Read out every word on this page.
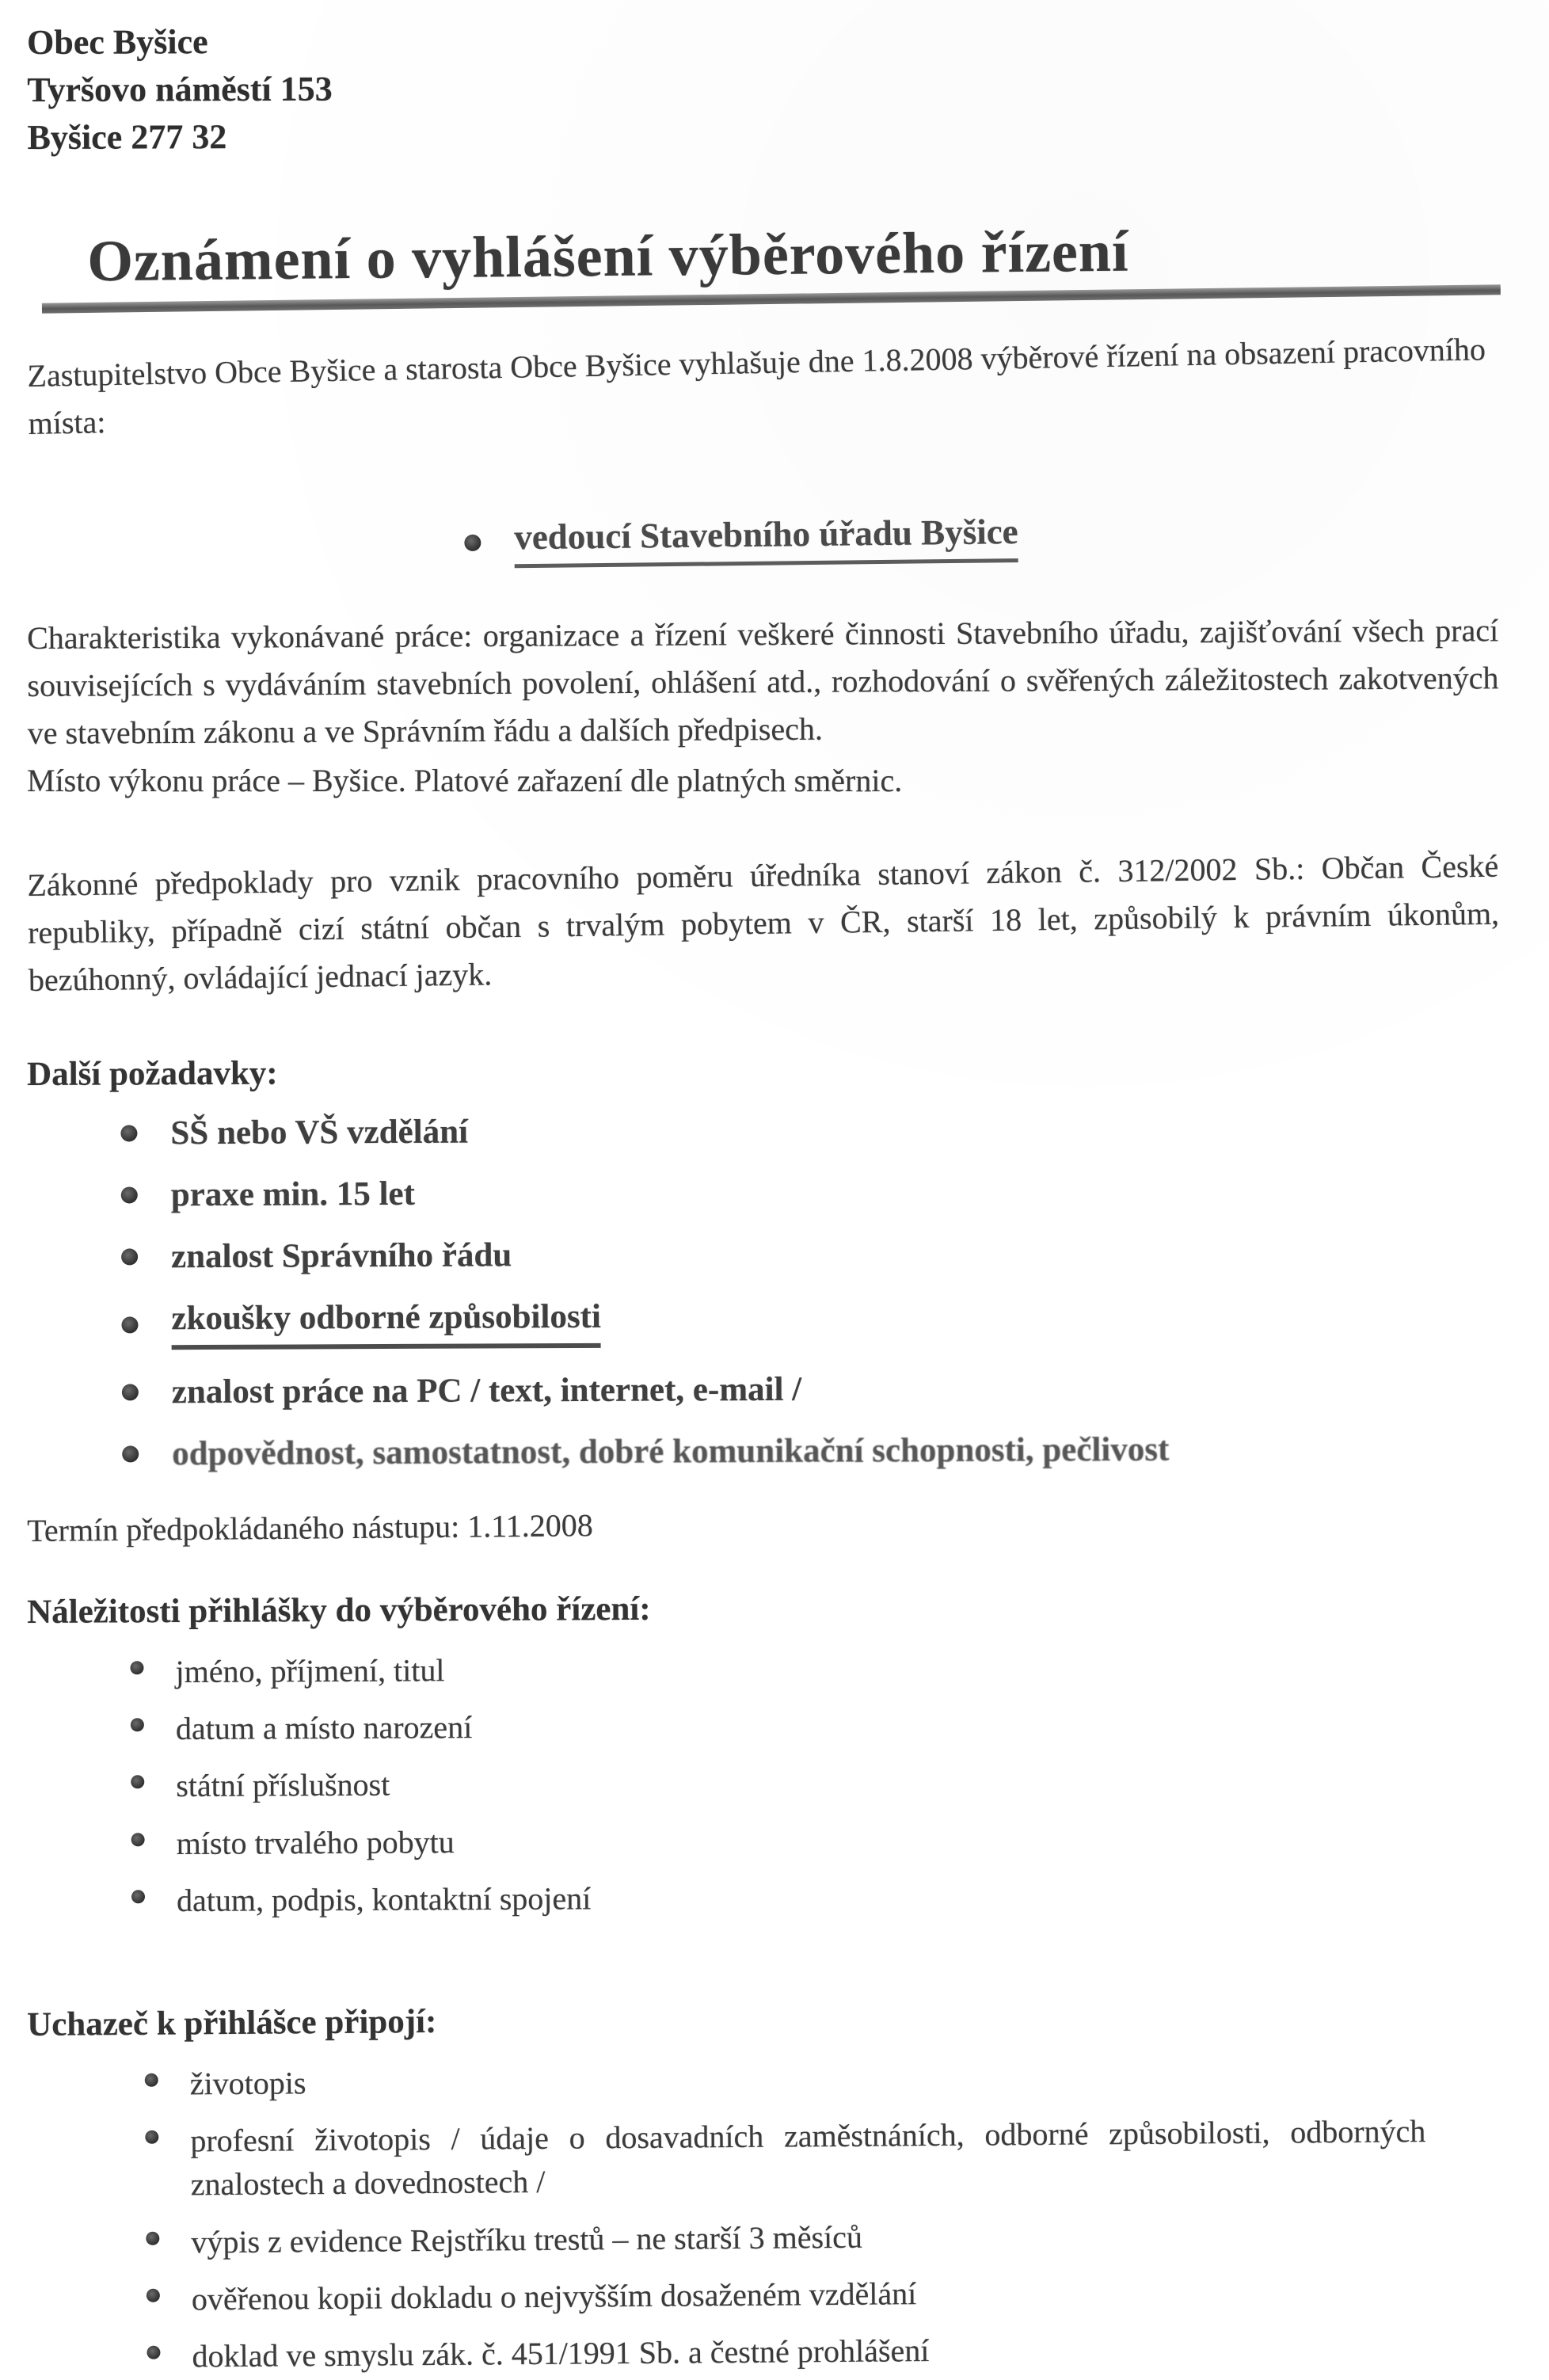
Obec Byšice
Tyršovo náměstí 153
Byšice 277 32
Oznámení o vyhlášení výběrového řízení
Zastupitelstvo Obce Byšice a starosta Obce Byšice vyhlašuje dne 1.8.2008 výběrové řízení na obsazení pracovního místa:
vedoucí Stavebního úřadu Byšice
Charakteristika vykonávané práce: organizace a řízení veškeré činnosti Stavebního úřadu, zajišťování všech prací souvisejících s vydáváním stavebních povolení, ohlášení atd., rozhodování o svěřených záležitostech zakotvených ve stavebním zákonu a ve Správním řádu a dalších předpisech.
Místo výkonu práce – Byšice. Platové zařazení dle platných směrnic.
Zákonné předpoklady pro vznik pracovního poměru úředníka stanoví zákon č. 312/2002 Sb.: Občan České republiky, případně cizí státní občan s trvalým pobytem v ČR, starší 18 let, způsobilý k právním úkonům, bezúhonný, ovládající jednací jazyk.
Další požadavky:
SŠ nebo VŠ vzdělání
praxe min. 15 let
znalost Správního řádu
zkoušky odborné způsobilosti
znalost práce na PC / text, internet, e-mail /
odpovědnost, samostatnost, dobré komunikační schopnosti, pečlivost
Termín předpokládaného nástupu: 1.11.2008
Náležitosti přihlášky do výběrového řízení:
jméno, příjmení, titul
datum a místo narození
státní příslušnost
místo trvalého pobytu
datum, podpis, kontaktní spojení
Uchazeč k přihlášce připojí:
životopis
profesní životopis / údaje o dosavadních zaměstnáních, odborné způsobilosti, odborných znalostech a dovednostech /
výpis z evidence Rejstříku trestů – ne starší 3 měsíců
ověřenou kopii dokladu o nejvyšším dosaženém vzdělání
doklad ve smyslu zák. č. 451/1991 Sb. a čestné prohlášení
